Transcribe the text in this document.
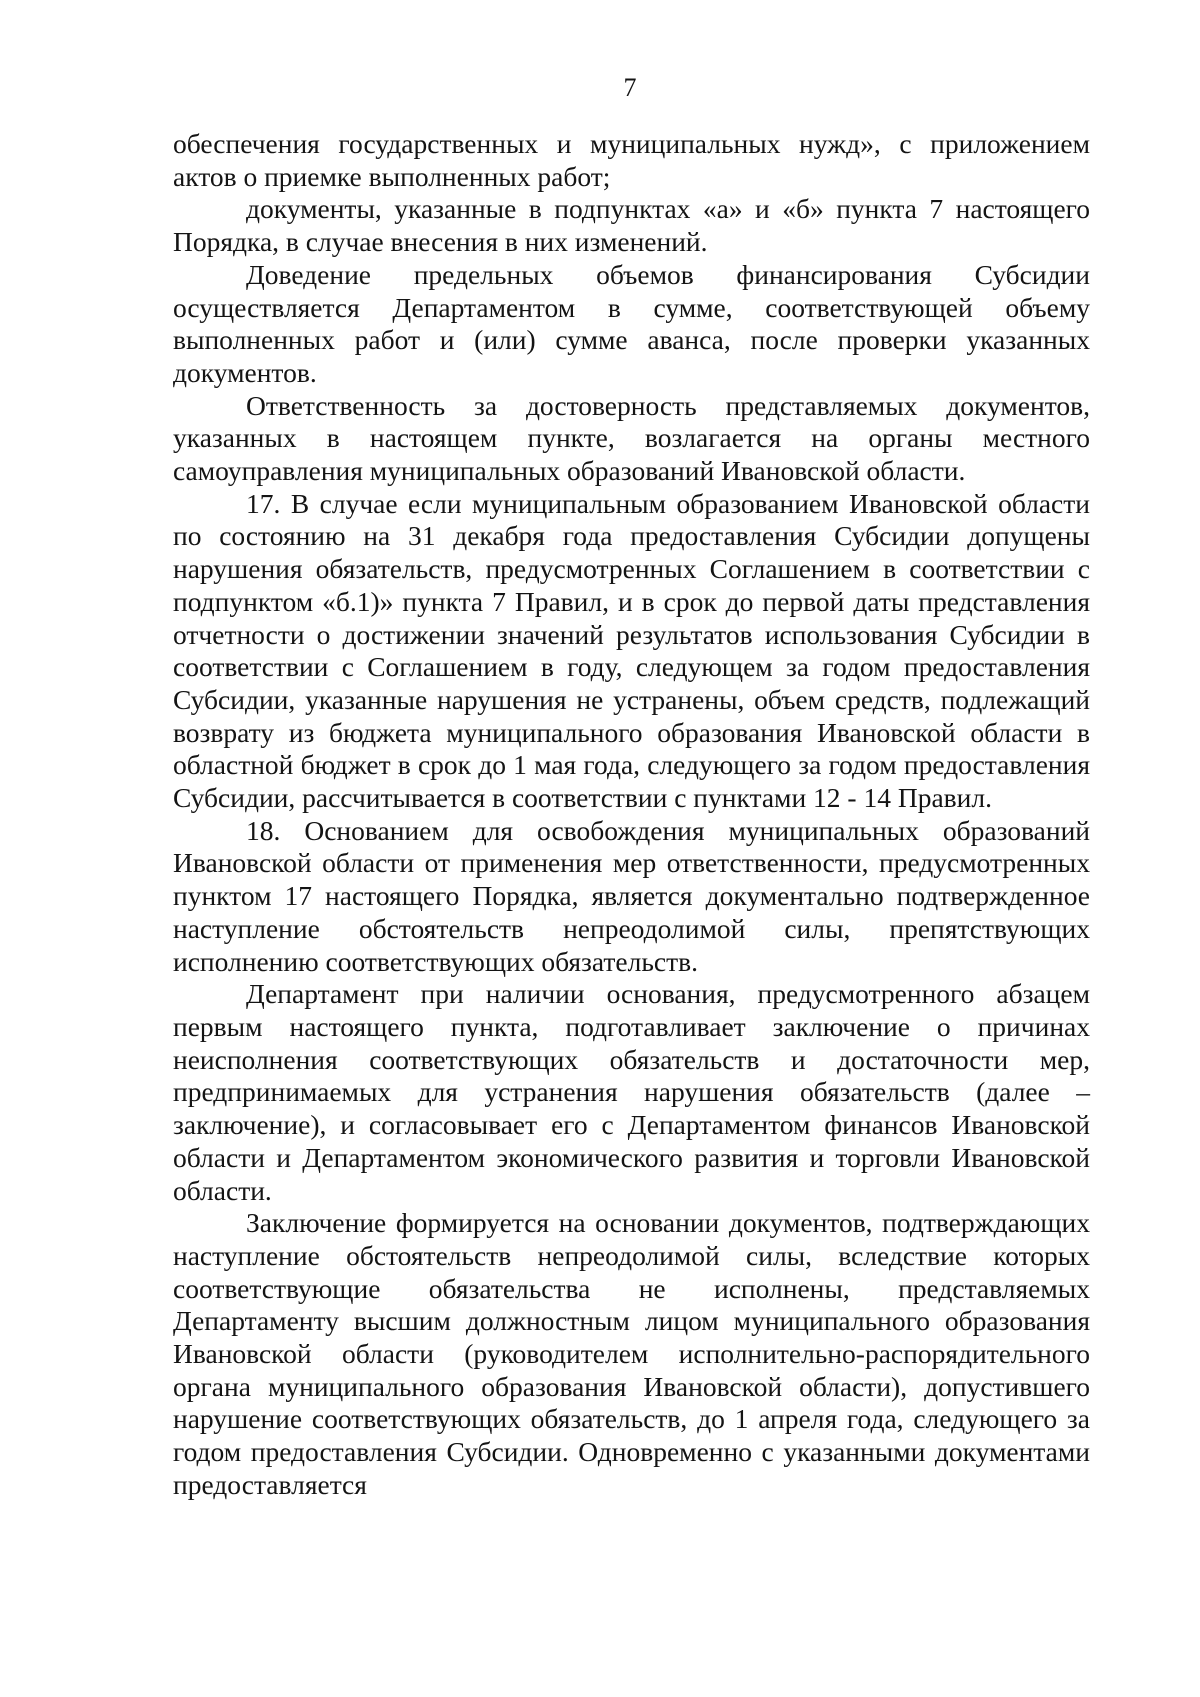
7

обеспечения государственных и муниципальных нужд», с приложением актов о приемке выполненных работ;

документы, указанные в подпунктах «а» и «б» пункта 7 настоящего Порядка, в случае внесения в них изменений.

Доведение предельных объемов финансирования Субсидии осуществляется Департаментом в сумме, соответствующей объему выполненных работ и (или) сумме аванса, после проверки указанных документов.

Ответственность за достоверность представляемых документов, указанных в настоящем пункте, возлагается на органы местного самоуправления муниципальных образований Ивановской области.

17. В случае если муниципальным образованием Ивановской области по состоянию на 31 декабря года предоставления Субсидии допущены нарушения обязательств, предусмотренных Соглашением в соответствии с подпунктом «б.1)» пункта 7 Правил, и в срок до первой даты представления отчетности о достижении значений результатов использования Субсидии в соответствии с Соглашением в году, следующем за годом предоставления Субсидии, указанные нарушения не устранены, объем средств, подлежащий возврату из бюджета муниципального образования Ивановской области в областной бюджет в срок до 1 мая года, следующего за годом предоставления Субсидии, рассчитывается в соответствии с пунктами 12 - 14 Правил.

18. Основанием для освобождения муниципальных образований Ивановской области от применения мер ответственности, предусмотренных пунктом 17 настоящего Порядка, является документально подтвержденное наступление обстоятельств непреодолимой силы, препятствующих исполнению соответствующих обязательств.

Департамент при наличии основания, предусмотренного абзацем первым настоящего пункта, подготавливает заключение о причинах неисполнения соответствующих обязательств и достаточности мер, предпринимаемых для устранения нарушения обязательств (далее – заключение), и согласовывает его с Департаментом финансов Ивановской области и Департаментом экономического развития и торговли Ивановской области.

Заключение формируется на основании документов, подтверждающих наступление обстоятельств непреодолимой силы, вследствие которых соответствующие обязательства не исполнены, представляемых Департаменту высшим должностным лицом муниципального образования Ивановской области (руководителем исполнительно-распорядительного органа муниципального образования Ивановской области), допустившего нарушение соответствующих обязательств, до 1 апреля года, следующего за годом предоставления Субсидии. Одновременно с указанными документами предоставляется
